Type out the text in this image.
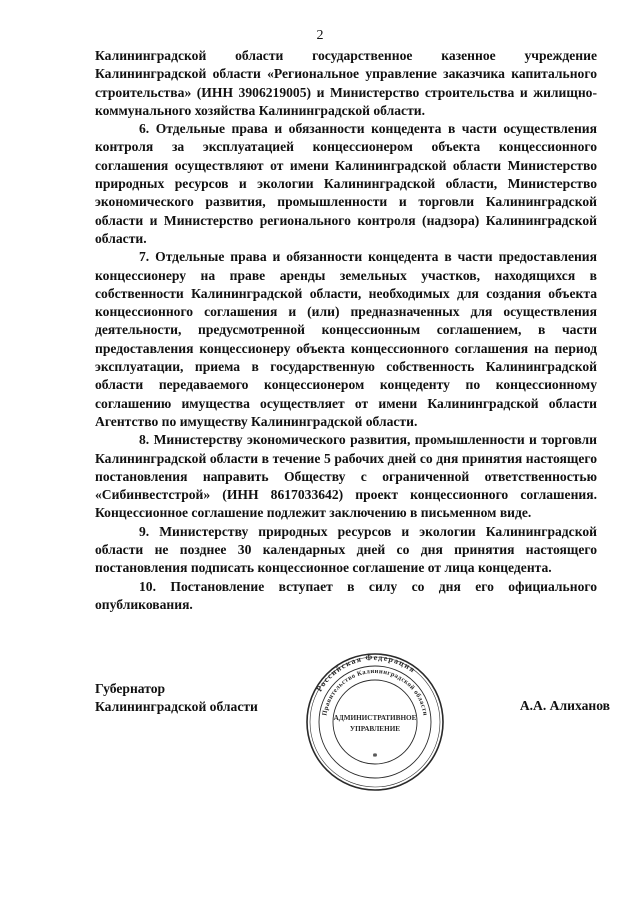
2

Калининградской области государственное казенное учреждение Калининградской области «Региональное управление заказчика капитального строительства» (ИНН 3906219005) и Министерство строительства и жилищно-коммунального хозяйства Калининградской области.

6. Отдельные права и обязанности концедента в части осуществления контроля за эксплуатацией концессионером объекта концессионного соглашения осуществляют от имени Калининградской области Министерство природных ресурсов и экологии Калининградской области, Министерство экономического развития, промышленности и торговли Калининградской области и Министерство регионального контроля (надзора) Калининградской области.

7. Отдельные права и обязанности концедента в части предоставления концессионеру на праве аренды земельных участков, находящихся в собственности Калининградской области, необходимых для создания объекта концессионного соглашения и (или) предназначенных для осуществления деятельности, предусмотренной концессионным соглашением, в части предоставления концессионеру объекта концессионного соглашения на период эксплуатации, приема в государственную собственность Калининградской области передаваемого концессионером концеденту по концессионному соглашению имущества осуществляет от имени Калининградской области Агентство по имуществу Калининградской области.

8. Министерству экономического развития, промышленности и торговли Калининградской области в течение 5 рабочих дней со дня принятия настоящего постановления направить Обществу с ограниченной ответственностью «Сибинвестстрой» (ИНН 8617033642) проект концессионного соглашения. Концессионное соглашение подлежит заключению в письменном виде.

9. Министерству природных ресурсов и экологии Калининградской области не позднее 30 календарных дней со дня принятия настоящего постановления подписать концессионное соглашение от лица концедента.

10. Постановление вступает в силу со дня его официального опубликования.

Губернатор
Калининградской области	А.А. Алиханов
Российская Федерация
Правительство Калининградской области
АДМИНИСТРАТИВНОЕ
УПРАВЛЕНИЕ
*
